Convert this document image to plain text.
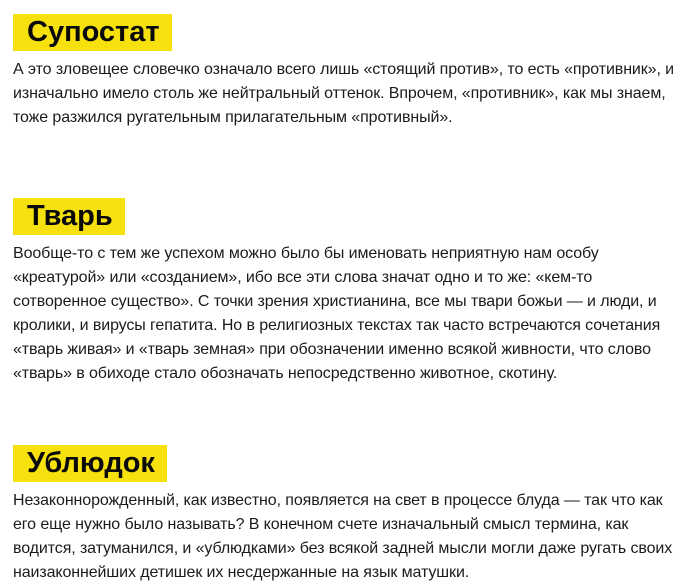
Супостат

А это зловещее словечко означало всего лишь «стоящий против», то есть «противник», и изначально имело столь же нейтральный оттенок. Впрочем, «противник», как мы знаем, тоже разжился ругательным прилагательным «противный».

Тварь

Вообще-то с тем же успехом можно было бы именовать неприятную нам особу «креатурой» или «созданием», ибо все эти слова значат одно и то же: «кем-то сотворенное существо». С точки зрения христианина, все мы твари божьи — и люди, и кролики, и вирусы гепатита. Но в религиозных текстах так часто встречаются сочетания «тварь живая» и «тварь земная» при обозначении именно всякой живности, что слово «тварь» в обиходе стало обозначать непосредственно животное, скотину.

Ублюдок

Незаконнорожденный, как известно, появляется на свет в процессе блуда — так что как его еще нужно было называть? В конечном счете изначальный смысл термина, как водится, затуманился, и «ублюдками» без всякой задней мысли могли даже ругать своих наизаконнейших детишек их несдержанные на язык матушки.
